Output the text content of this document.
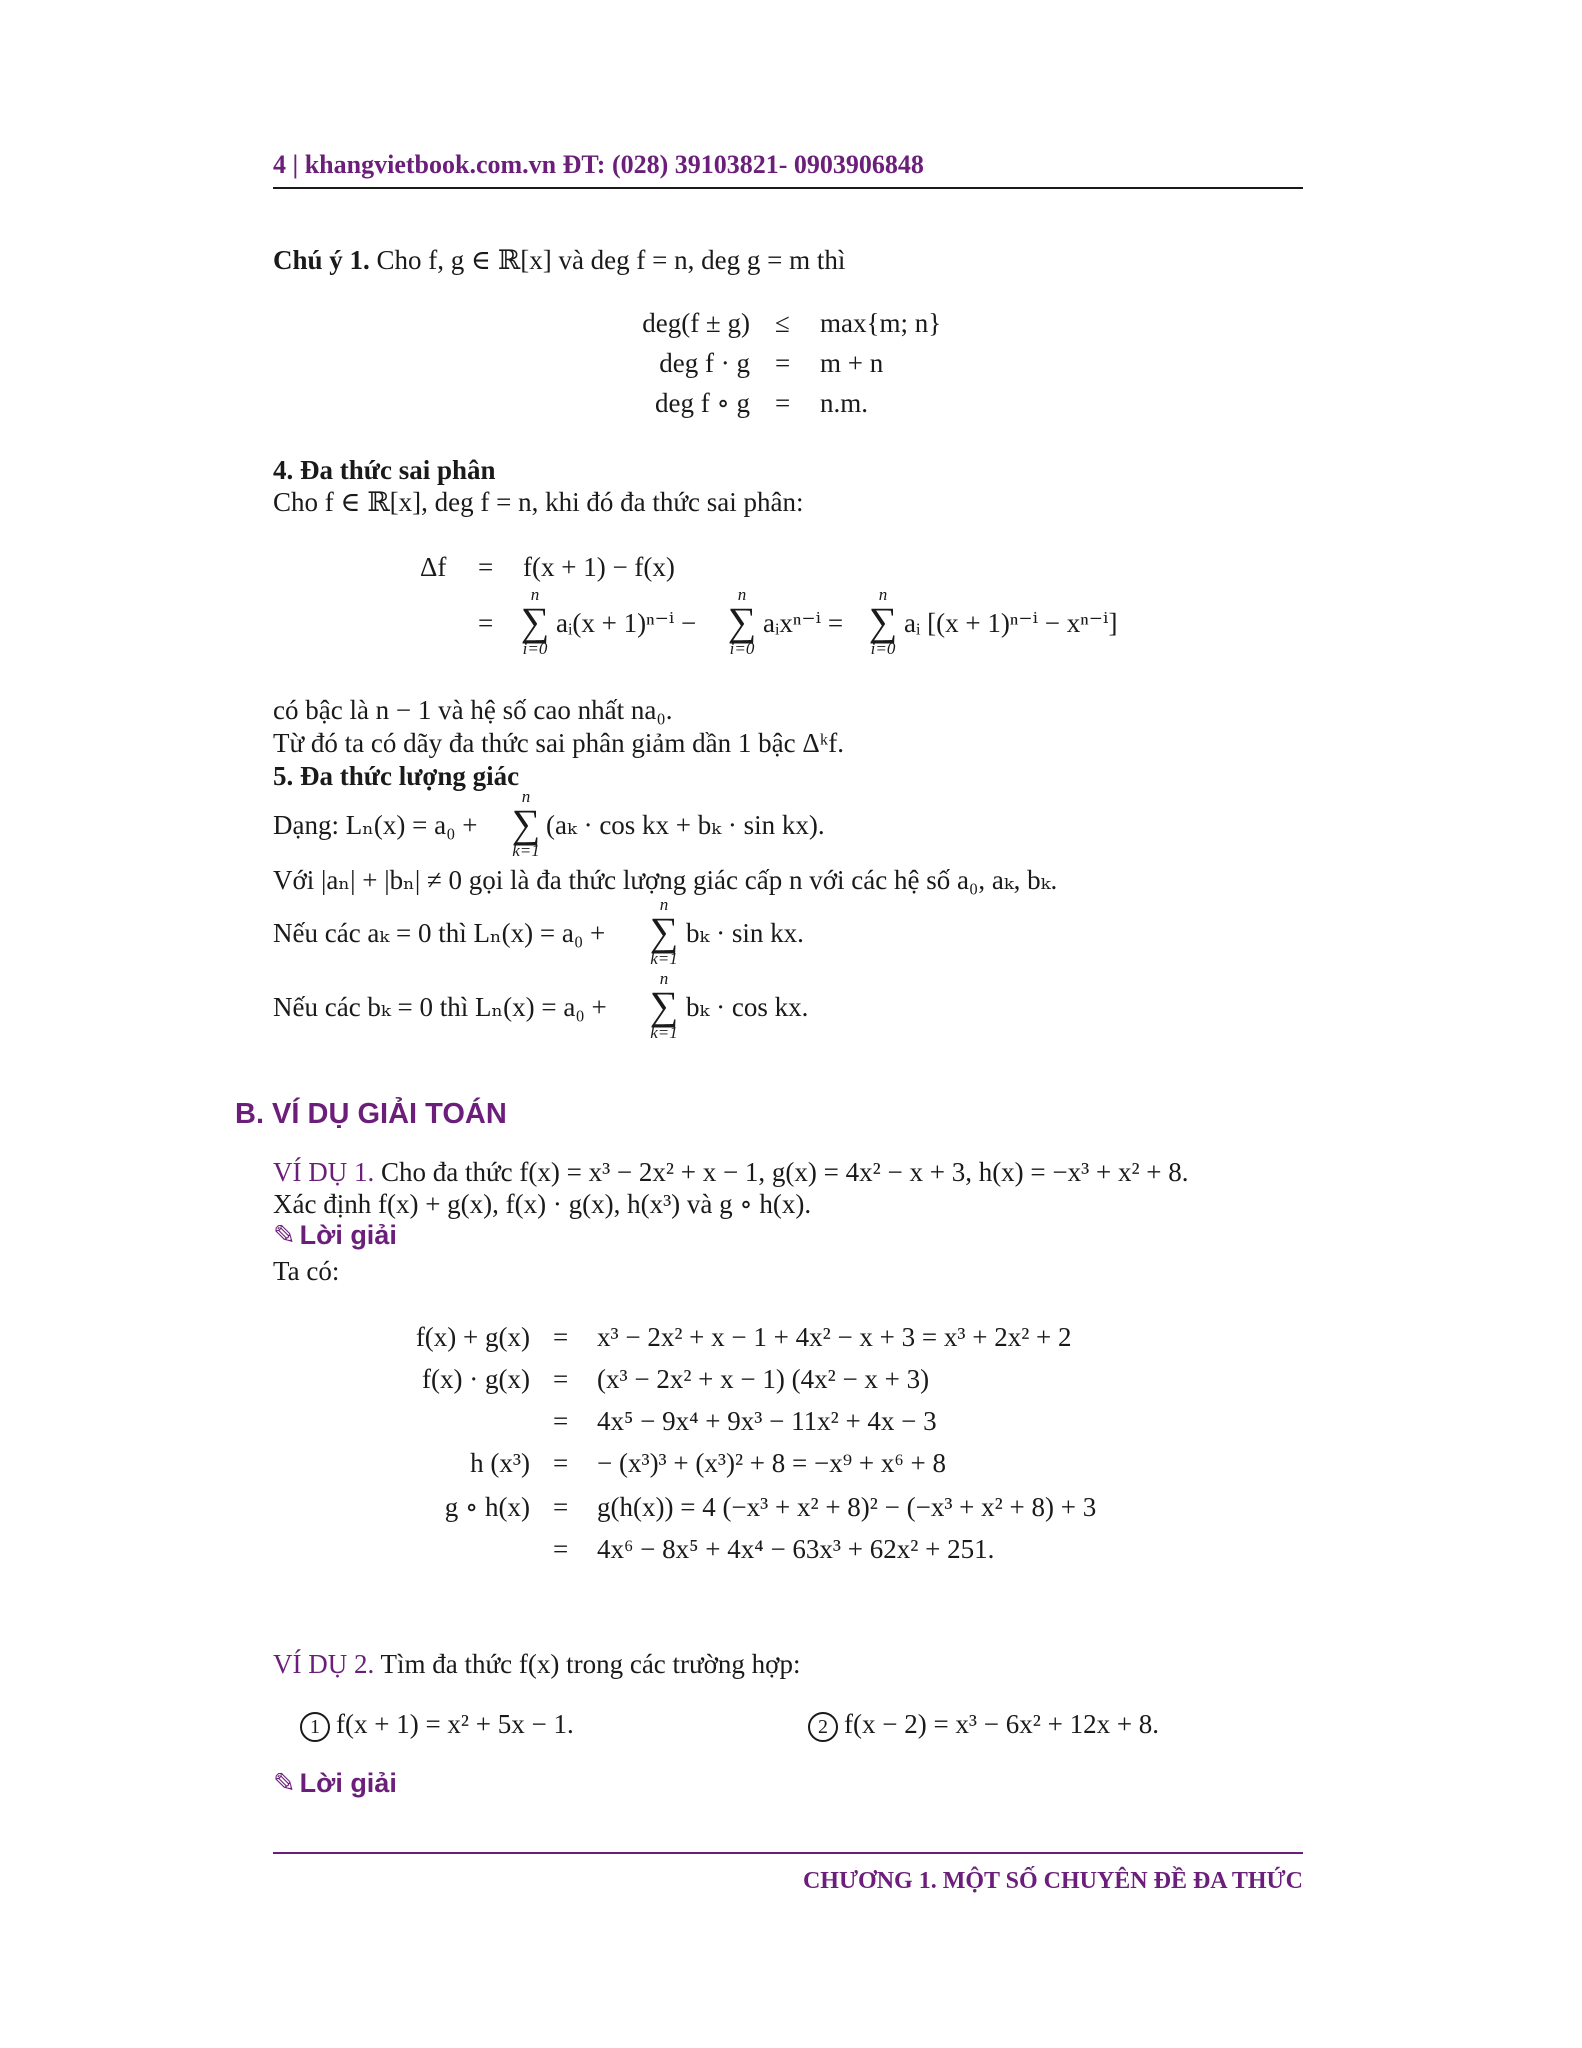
4 | khangvietbook.com.vn ĐT: (028) 39103821- 0903906848
Chú ý 1. Cho f, g ∈ ℝ[x] và deg f = n, deg g = m thì
deg(f ± g) ≤ max{m; n}
deg f · g = m + n
deg f ∘ g = n.m.
4. Đa thức sai phân
Cho f ∈ ℝ[x], deg f = n, khi đó đa thức sai phân:
Δf = f(x + 1) − f(x)
=
n
∑
i=0
aᵢ(x + 1)ⁿ⁻ⁱ −
n
∑
i=0
aᵢxⁿ⁻ⁱ =
n
∑
i=0
aᵢ [(x + 1)ⁿ⁻ⁱ − xⁿ⁻ⁱ]
có bậc là n − 1 và hệ số cao nhất na₀.
Từ đó ta có dãy đa thức sai phân giảm dần 1 bậc Δᵏf.
5. Đa thức lượng giác
Dạng: Lₙ(x) = a₀ +
n
∑
k=1
(aₖ · cos kx + bₖ · sin kx).
Với |aₙ| + |bₙ| ≠ 0 gọi là đa thức lượng giác cấp n với các hệ số a₀, aₖ, bₖ.
Nếu các aₖ = 0 thì Lₙ(x) = a₀ +
n
∑
k=1
bₖ · sin kx.
Nếu các bₖ = 0 thì Lₙ(x) = a₀ +
n
∑
k=1
bₖ · cos kx.
B. VÍ DỤ GIẢI TOÁN
VÍ DỤ 1. Cho đa thức f(x) = x³ − 2x² + x − 1, g(x) = 4x² − x + 3, h(x) = −x³ + x² + 8.
Xác định f(x) + g(x), f(x) · g(x), h(x³) và g ∘ h(x).
✎ Lời giải
Ta có:
f(x) + g(x) = x³ − 2x² + x − 1 + 4x² − x + 3 = x³ + 2x² + 2
f(x) · g(x) = (x³ − 2x² + x − 1) (4x² − x + 3)
= 4x⁵ − 9x⁴ + 9x³ − 11x² + 4x − 3
h (x³) = − (x³)³ + (x³)² + 8 = −x⁹ + x⁶ + 8
g ∘ h(x) = g(h(x)) = 4 (−x³ + x² + 8)² − (−x³ + x² + 8) + 3
= 4x⁶ − 8x⁵ + 4x⁴ − 63x³ + 62x² + 251.
VÍ DỤ 2. Tìm đa thức f(x) trong các trường hợp:
1 f(x + 1) = x² + 5x − 1.	2 f(x − 2) = x³ − 6x² + 12x + 8.
✎ Lời giải
CHƯƠNG 1. MỘT SỐ CHUYÊN ĐỀ ĐA THỨC
